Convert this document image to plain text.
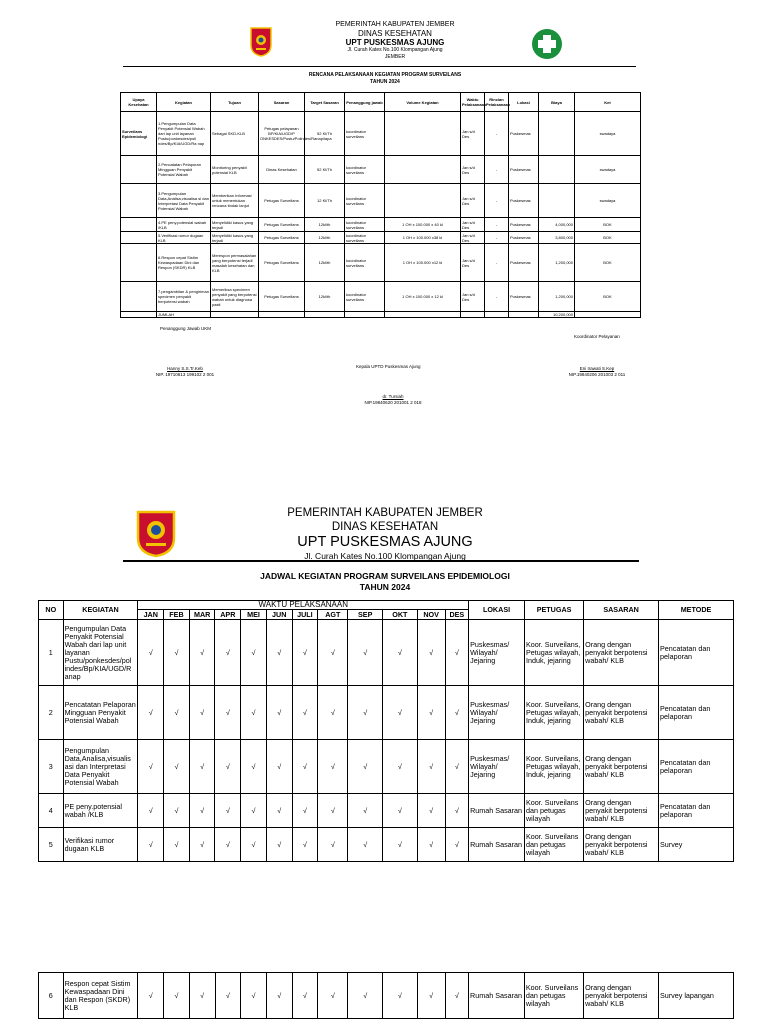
PEMERINTAH KABUPATEN JEMBER
DINAS KESEHATAN
UPT PUSKESMAS AJUNG
Jl. Curah Kates No.100 Klompangan Ajung
JEMBER
RENCANA PELAKSANAAN KEGIATAN PROGRAM SURVEILANS
TAHUN 2024
Upaya Kesehatan	Kegiatan	Tujuan	Sasaran	Target Sasaran	Penanggung jawab	Volume Kegiatan	Waktu Pelaksanaan	Rincian Pelaksanaan	Lokasi	Biaya	Ket
Surveilans Epidemiologi	1.Pengumpulan Data Penyakit Potensial Wabah dari lap unit layanan Pustu/ponkesdes/poli ndes/Bp/KIA/UGD/Ra nap	Sebagai SKD-KLB	Petugas pelayanan BP/KIA/UGD/P ONKESDES/Pustu/Polindes/Ranap/lapa	52 Kl/Th	koordinator surveilans		Jan s/d Des	-	Puskesmas		swadaya
	2.Pencatatan Pelaporan Mingguan Penyakit Potensial Wabah	Monitoring penyakit potensial KLB	Dinas Kesehatan	52 Kl/Th	koordinator surveilans		Jan s/d Des	-	Puskesmas		swadaya
	3.Pengumpulan Data,Analisa,visualisa si dan Interpretasi Data Penyakit Potensial Wabah	Memberikan Informasi untuk menentukan rencana tindak lanjut	Petugas Surveilans	12 Kl/Th	koordinator surveilans		Jan s/d Des	-	Puskesmas		swadaya
	4.PE peny.potensial wabah /KLB	Menyelidiki kasus yang terjadi	Petugas Surveilans	12kl/th	koordinator surveilans	1 OH x 100.000 x 40 kl	Jan s/d Des	-	Puskesmas	4,000,000	BOK
	5.Verifikasi rumor dugaan KLB	Menyelidiki kasus yang terjadi	Petugas Surveilans	12kl/th	koordinator surveilans	1 OH x 100.000 x38 kl	Jan s/d Des	-	Puskesmas	3,800,000	BOK
	6.Respon cepat Sistim Kewaspadaan Dini dan Respon (SKDR) KLB	Merespon permasalahan yang berpotensi terjadi masalah kesehatan dan KLB	Petugas Surveilans	12kl/th	koordinator surveilans	1 OH x 100.000 x12 kl	Jan s/d Des	-	Puskesmas	1,200,000	BOK
	7.pengambilan & pengiriman specimen penyakit berpotensi wabah	Memeriksa specimen penyakit yang berpotensi wabah untuk diagnosa pasti	Petugas Surveilans	12kl/th	koordinator surveilans	1 OH x 100.000 x 12 kl	Jan s/d Des	-	Puskesmas	1,200,000	BOK
	JUMLAH									10,200,000	
Penanggung Jawab UKM
Koordinator Pelayanan
Hanny S.S.Tr.Keb
NIP. 19710613 199102 2 001
Kepala UPTD Puskesmas Ajung	Eni Irawati S.Kep
NIP.19840206 201003 2 011
dr. Tursiah
NIP.19840620 201001 2 018
PEMERINTAH KABUPATEN JEMBER
DINAS KESEHATAN
UPT PUSKESMAS AJUNG
Jl. Curah Kates No.100 Klompangan Ajung
JADWAL KEGIATAN PROGRAM SURVEILANS EPIDEMIOLOGI
TAHUN 2024
NO	KEGIATAN	WAKTU PELAKSANAAN												LOKASI	PETUGAS	SASARAN	METODE
		JAN	FEB	MAR	APR	MEI	JUN	JULI	AGT	SEP	OKT	NOV	DES				
1	Pengumpulan Data Penyakit Potensial Wabah dari lap unit layanan Pustu/ponkesdes/pol indes/Bp/KIA/UGD/R anap	√	√	√	√	√	√	√	√	√	√	√	√	Puskesmas/ Wilayah/ Jejaring	Koor. Surveilans, Petugas wilayah, Induk, jejaring	Orang dengan penyakit berpotensi wabah/ KLB	Pencatatan dan pelaporan
2	Pencatatan Pelaporan Mingguan Penyakit Potensial Wabah	√	√	√	√	√	√	√	√	√	√	√	√	Puskesmas/ Wilayah/ Jejaring	Koor. Surveilans, Petugas wilayah, Induk, jejaring	Orang dengan penyakit berpotensi wabah/ KLB	Pencatatan dan pelaporan
3	Pengumpulan Data,Analisa,visualis asi dan Interpretasi Data Penyakit Potensial Wabah	√	√	√	√	√	√	√	√	√	√	√	√	Puskesmas/ Wilayah/ Jejaring	Koor. Surveilans, Petugas wilayah, Induk, jejaring	Orang dengan penyakit berpotensi wabah/ KLB	Pencatatan dan pelaporan
4	PE peny.potensial wabah /KLB	√	√	√	√	√	√	√	√	√	√	√	√	Rumah Sasaran	Koor. Surveilans dan petugas wilayah	Orang dengan penyakit berpotensi wabah/ KLB	Pencatatan dan pelaporan
5	Verifikasi rumor dugaan KLB	√	√	√	√	√	√	√	√	√	√	√	√	Rumah Sasaran	Koor. Surveilans dan petugas wilayah	Orang dengan penyakit berpotensi wabah/ KLB	Survey
6	Respon cepat Sistim Kewaspadaan Dini dan Respon (SKDR) KLB	√	√	√	√	√	√	√	√	√	√	√	√	Rumah Sasaran	Koor. Surveilans dan petugas wilayah	Orang dengan penyakit berpotensi wabah/ KLB	Survey lapangan
